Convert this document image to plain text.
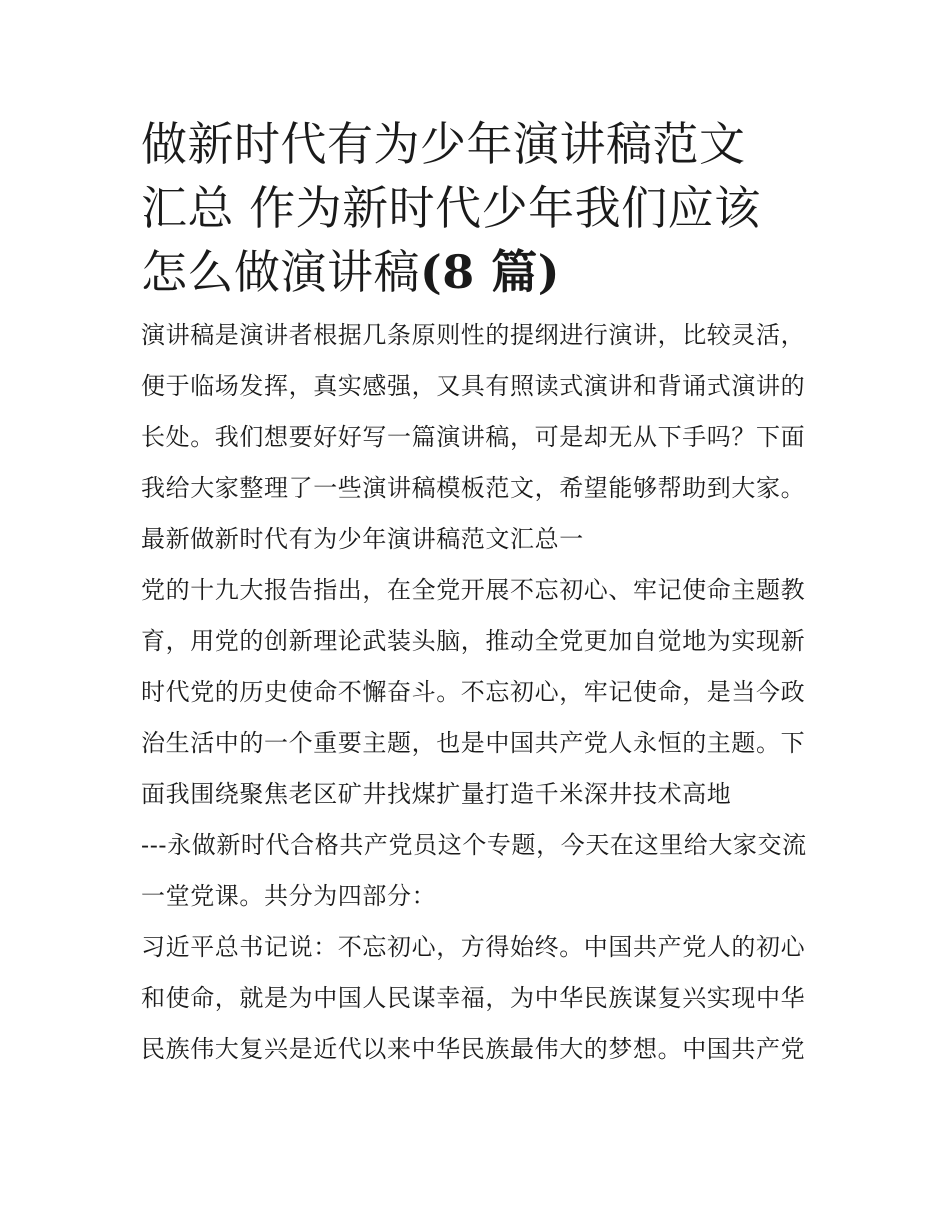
做新时代有为少年演讲稿范文
汇总 作为新时代少年我们应该
怎么做演讲稿(8 篇)
演讲稿是演讲者根据几条原则性的提纲进行演讲，比较灵活，
便于临场发挥，真实感强，又具有照读式演讲和背诵式演讲的
长处。我们想要好好写一篇演讲稿，可是却无从下手吗？下面
我给大家整理了一些演讲稿模板范文，希望能够帮助到大家。
最新做新时代有为少年演讲稿范文汇总一
党的十九大报告指出，在全党开展不忘初心、牢记使命主题教
育，用党的创新理论武装头脑，推动全党更加自觉地为实现新
时代党的历史使命不懈奋斗。不忘初心，牢记使命，是当今政
治生活中的一个重要主题，也是中国共产党人永恒的主题。下
面我围绕聚焦老区矿井找煤扩量打造千米深井技术高地
---永做新时代合格共产党员这个专题，今天在这里给大家交流
一堂党课。共分为四部分：
习近平总书记说：不忘初心，方得始终。中国共产党人的初心
和使命，就是为中国人民谋幸福，为中华民族谋复兴实现中华
民族伟大复兴是近代以来中华民族最伟大的梦想。中国共产党
